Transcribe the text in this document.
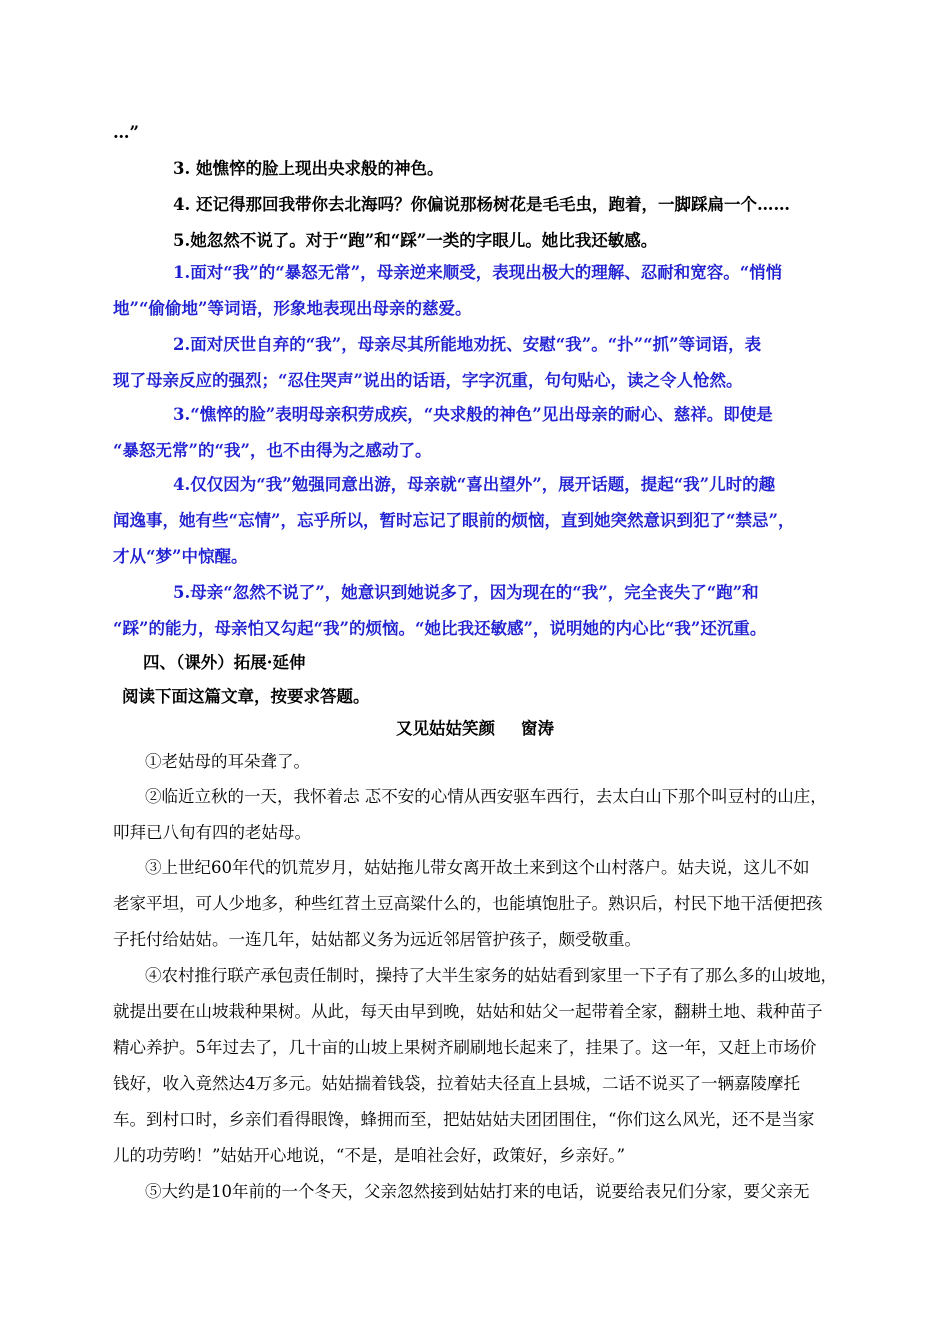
…”
3. 她憔悴的脸上现出央求般的神色。
4. 还记得那回我带你去北海吗？你偏说那杨树花是毛毛虫，跑着，一脚踩扁一个……
5.她忽然不说了。对于“跑”和“踩”一类的字眼儿。她比我还敏感。
1.面对“我”的“暴怒无常”，母亲逆来顺受，表现出极大的理解、忍耐和宽容。“悄悄
地”“偷偷地”等词语，形象地表现出母亲的慈爱。
2.面对厌世自弃的“我”，母亲尽其所能地劝抚、安慰“我”。“扑”“抓”等词语，表
现了母亲反应的强烈；“忍住哭声”说出的话语，字字沉重，句句贴心，读之令人怆然。
3.“憔悴的脸”表明母亲积劳成疾，“央求般的神色”见出母亲的耐心、慈祥。即使是
“暴怒无常”的“我”，也不由得为之感动了。
4.仅仅因为“我”勉强同意出游，母亲就“喜出望外”，展开话题，提起“我”儿时的趣
闻逸事，她有些“忘情”，忘乎所以，暂时忘记了眼前的烦恼，直到她突然意识到犯了“禁忌”，
才从“梦”中惊醒。
5.母亲“忽然不说了”，她意识到她说多了，因为现在的“我”，完全丧失了“跑”和
“踩”的能力，母亲怕又勾起“我”的烦恼。“她比我还敏感”，说明她的内心比“我”还沉重。
四、（课外）拓展·延伸
阅读下面这篇文章，按要求答题。
又见姑姑笑颜 窗涛
①老姑母的耳朵聋了。
②临近立秋的一天，我怀着忐 忑不安的心情从西安驱车西行，去太白山下那个叫豆村的山庄，
叩拜已八旬有四的老姑母。
③上世纪60年代的饥荒岁月，姑姑拖儿带女离开故土来到这个山村落户。姑夫说，这儿不如
老家平坦，可人少地多，种些红苕土豆高粱什么的，也能填饱肚子。熟识后，村民下地干活便把孩
子托付给姑姑。一连几年，姑姑都义务为远近邻居管护孩子，颇受敬重。
④农村推行联产承包责任制时，操持了大半生家务的姑姑看到家里一下子有了那么多的山坡地，
就提出要在山坡栽种果树。从此，每天由早到晚，姑姑和姑父一起带着全家，翻耕土地、栽种苗子
精心养护。5年过去了，几十亩的山坡上果树齐刷刷地长起来了，挂果了。这一年，又赶上市场价
钱好，收入竟然达4万多元。姑姑揣着钱袋，拉着姑夫径直上县城，二话不说买了一辆嘉陵摩托
车。到村口时，乡亲们看得眼馋，蜂拥而至，把姑姑姑夫团团围住，“你们这么风光，还不是当家
儿的功劳哟！”姑姑开心地说，“不是，是咱社会好，政策好，乡亲好。”
⑤大约是10年前的一个冬天，父亲忽然接到姑姑打来的电话，说要给表兄们分家，要父亲无
